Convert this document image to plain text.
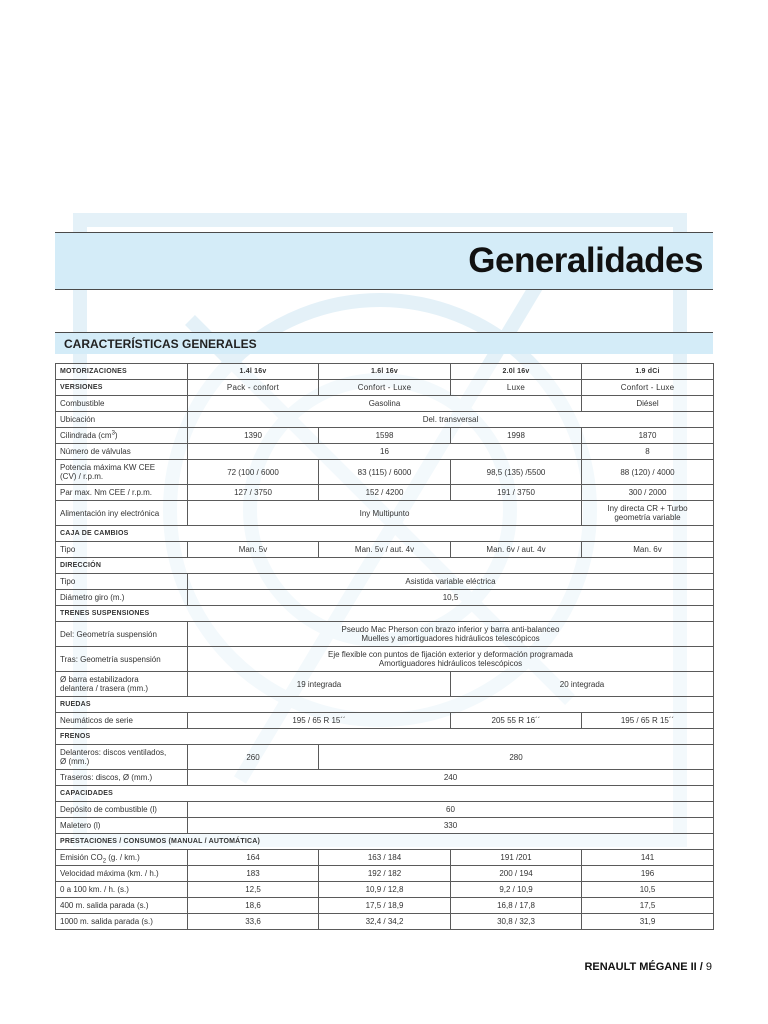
Generalidades
CARACTERÍSTICAS GENERALES
MOTORIZACIONES	1.4l 16v	1.6l 16v	2.0l 16v	1.9 dCi
VERSIONES	Pack - confort	Confort - Luxe	Luxe	Confort - Luxe
Combustible	Gasolina			Diésel
Ubicación	Del. transversal			
Cilindrada $(cm^3)$	1390	1598	1998	1870
Número de válvulas	16			8

Potencia máxima KW CEE
(CV) / r.p.m.	72 (100 / 6000	83 (115) / 6000	98,5 (135) /5500	88 (120) / 4000
Par max. Nm CEE / r.p.m.	127 / 3750	152 / 4200	191 / 3750	300 / 2000
Alimentación iny electrónica	Iny Multipunto			Iny directa CR + Turbo
geometría variable

CAJA DE CAMBIOS				
Tipo	Man. 5v	Man. 5v / aut. 4v	Man. 6v / aut. 4v	Man. 6v
DIRECCIÓN				
Tipo	Asistida variable eléctrica			
Diámetro giro (m.)	10,5			
TRENES SUSPENSIONES				
Del: Geometría suspensión	Pseudo Mac Pherson con brazo inferior y barra anti-balanceo
Muelles y amortiguadores hidráulicos telescópicos			

Tras: Geometría suspensión	Eje flexible con puntos de fijación exterior y deformación programada
Amortiguadores hidráulicos telescópicos			

Ø barra estabilizadora
delantera / trasera (mm.)	19 integrada		20 integrada	
RUEDAS				
Neumáticos de serie	195 / 65 R 15´´		205 55 R 16´´	195 / 65 R 15´´
FRENOS				

Delanteros: discos ventilados,
Ø (mm.)	260	280		
Traseros: discos, Ø (mm.)	240			
CAPACIDADES				
Depósito de combustible (l)	60			
Maletero (l)	330			
PRESTACIONES / CONSUMOS (MANUAL / AUTOMÁTICA)				
Emisión $CO_2$ (g. / km.)	164	163 / 184	191 /201	141
Velocidad máxima (km. / h.)	183	192 / 182	200 / 194	196
0 a 100 km. / h. (s.)	12,5	10,9 / 12,8	9,2 / 10,9	10,5
400 m. salida parada (s.)	18,6	17,5 / 18,9	16,8 / 17,8	17,5
1000 m. salida parada (s.)	33,6	32,4 / 34,2	30,8 / 32,3	31,9
RENAULT MÉGANE II / 9
